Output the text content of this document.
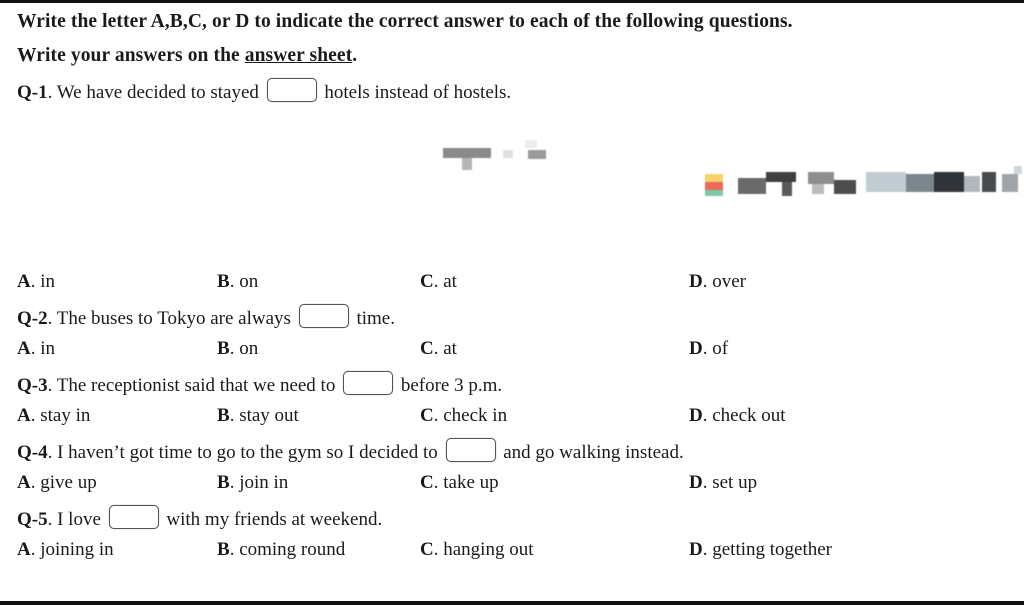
Write the letter A,B,C, or D to indicate the correct answer to each of the following questions.
Write your answers on the answer sheet.
Q-1. We have decided to stayed	hotels instead of hostels.
A. in	B. on	C. at	D. over
Q-2. The buses to Tokyo are always	time.
A. in	B. on	C. at	D. of
Q-3. The receptionist said that we need to	before 3 p.m.
A. stay in	B. stay out	C. check in	D. check out
Q-4. I haven’t got time to go to the gym so I decided to	and go walking instead.
A. give up	B. join in	C. take up	D. set up
Q-5. I love	with my friends at weekend.
A. joining in	B. coming round	C. hanging out	D. getting together
